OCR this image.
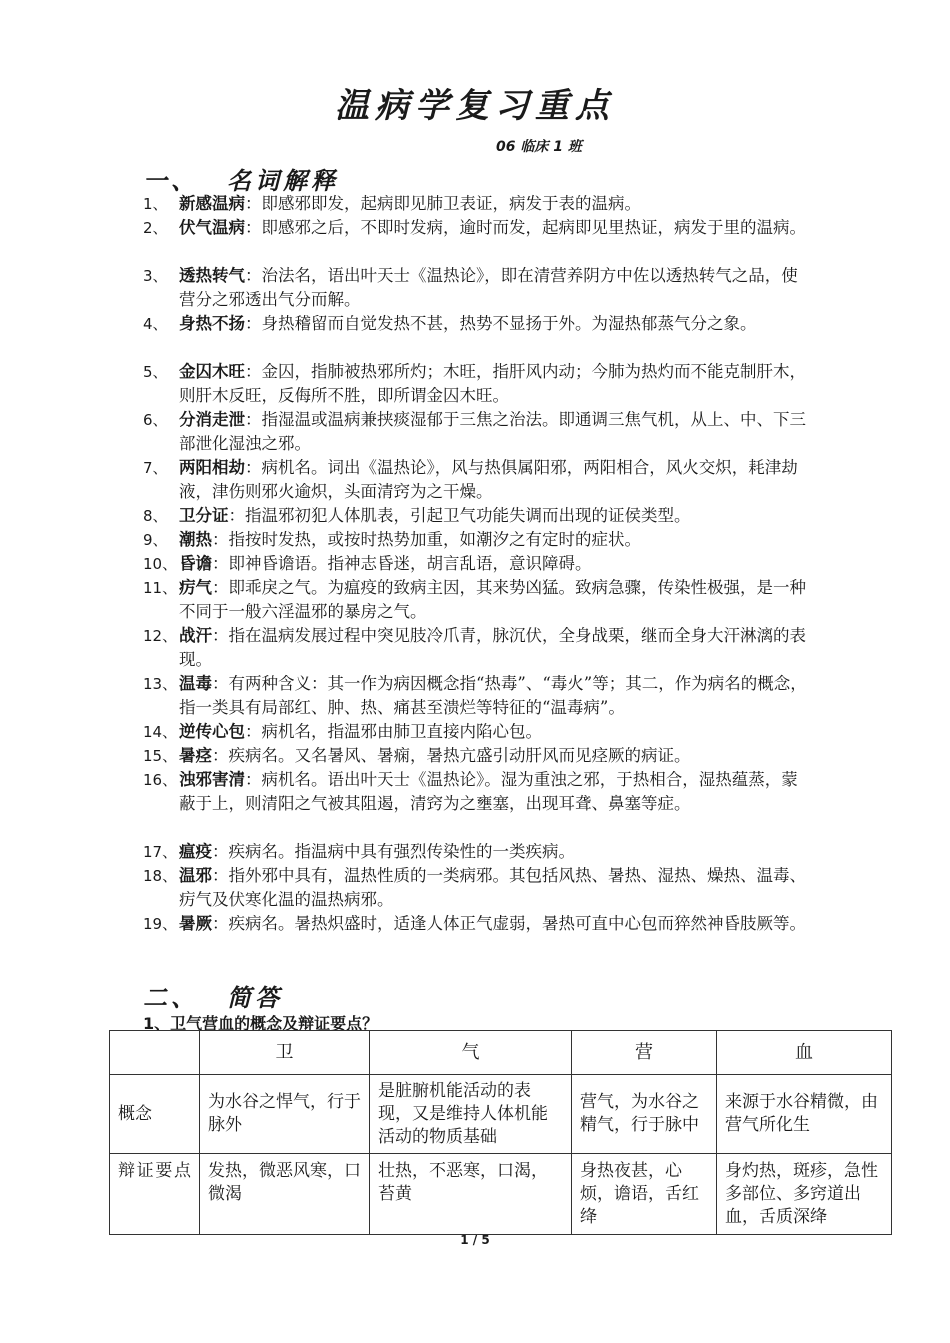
温病学复习重点
06 临床 1 班
一、 名词解释
1、 新感温病：即感邪即发，起病即见肺卫表证，病发于表的温病。
2、 伏气温病：即感邪之后，不即时发病，逾时而发，起病即见里热证，病发于里的温病。
3、 透热转气：治法名，语出叶天士《温热论》，即在清营养阴方中佐以透热转气之品，使营分之邪透出气分而解。
4、 身热不扬：身热稽留而自觉发热不甚，热势不显扬于外。为湿热郁蒸气分之象。
5、 金囚木旺：金囚，指肺被热邪所灼；木旺，指肝风内动；今肺为热灼而不能克制肝木，则肝木反旺，反侮所不胜，即所谓金囚木旺。
6、 分消走泄：指湿温或温病兼挟痰湿郁于三焦之治法。即通调三焦气机，从上、中、下三部泄化湿浊之邪。
7、 两阳相劫：病机名。词出《温热论》，风与热俱属阳邪，两阳相合，风火交炽，耗津劫液，津伤则邪火逾炽，头面清窍为之干燥。
8、 卫分证：指温邪初犯人体肌表，引起卫气功能失调而出现的证侯类型。
9、 潮热：指按时发热，或按时热势加重，如潮汐之有定时的症状。
10、 昏谵：即神昏谵语。指神志昏迷，胡言乱语，意识障碍。
11、 疠气：即乖戾之气。为瘟疫的致病主因，其来势凶猛。致病急骤，传染性极强，是一种不同于一般六淫温邪的暴房之气。
12、 战汗：指在温病发展过程中突见肢冷爪青，脉沉伏，全身战栗，继而全身大汗淋漓的表现。
13、 温毒：有两种含义：其一作为病因概念指“热毒”、“毒火”等；其二，作为病名的概念，指一类具有局部红、肿、热、痛甚至溃烂等特征的“温毒病”。
14、 逆传心包：病机名，指温邪由肺卫直接内陷心包。
15、 暑痉：疾病名。又名暑风、暑痫，暑热亢盛引动肝风而见痉厥的病证。
16、 浊邪害清：病机名。语出叶天士《温热论》。湿为重浊之邪，于热相合，湿热蕴蒸，蒙蔽于上，则清阳之气被其阻遏，清窍为之壅塞，出现耳聋、鼻塞等症。
17、 瘟疫：疾病名。指温病中具有强烈传染性的一类疾病。
18、 温邪：指外邪中具有，温热性质的一类病邪。其包括风热、暑热、湿热、燥热、温毒、疠气及伏寒化温的温热病邪。
19、 暑厥：疾病名。暑热炽盛时，适逢人体正气虚弱，暑热可直中心包而猝然神昏肢厥等。
二、 简答
1、卫气营血的概念及辩证要点？
	卫	气	营	血
概念	为水谷之悍气，行于脉外	是脏腑机能活动的表现，又是维持人体机能活动的物质基础	营气，为水谷之精气，行于脉中	来源于水谷精微，由营气所化生
辩证要点	发热，微恶风寒，口微渴	壮热，不恶寒，口渴，苔黄	身热夜甚，心烦，谵语，舌红绛	身灼热，斑疹，急性多部位、多窍道出血，舌质深绛
1 / 5
